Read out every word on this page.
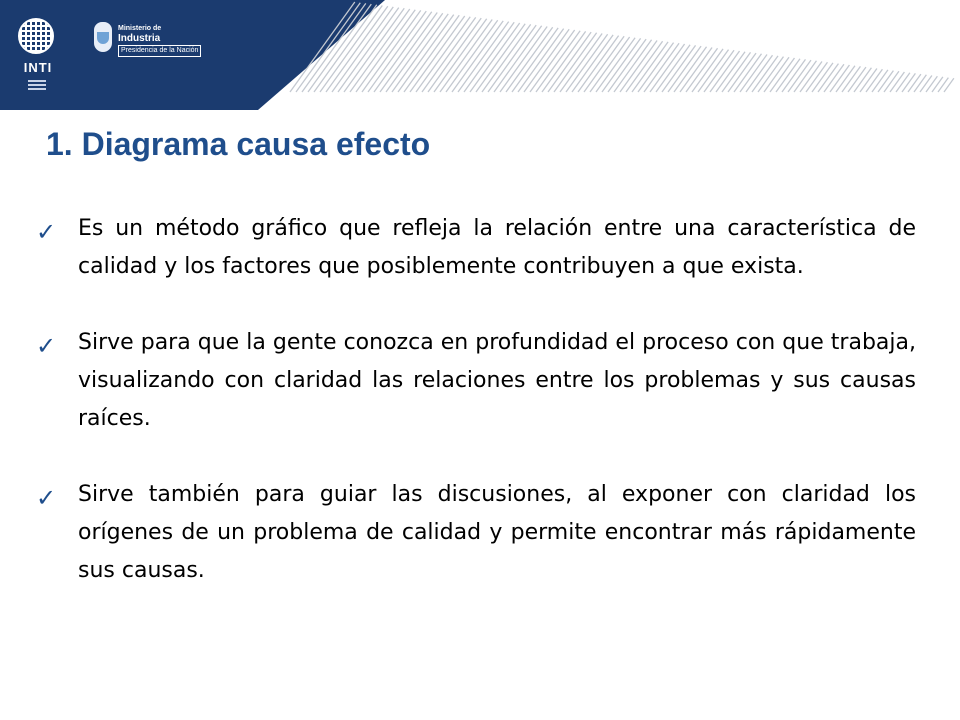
INTI
Ministerio de
Industria
Presidencia de la Nación
1. Diagrama causa efecto
✓ Es un método gráfico que refleja la relación entre una característica de calidad y los factores que posiblemente contribuyen a que exista.
✓ Sirve para que la gente conozca en profundidad el proceso con que trabaja, visualizando con claridad las relaciones entre los problemas y sus causas raíces.
✓ Sirve también para guiar las discusiones, al exponer con claridad los orígenes de un problema de calidad y permite encontrar más rápidamente sus causas.
